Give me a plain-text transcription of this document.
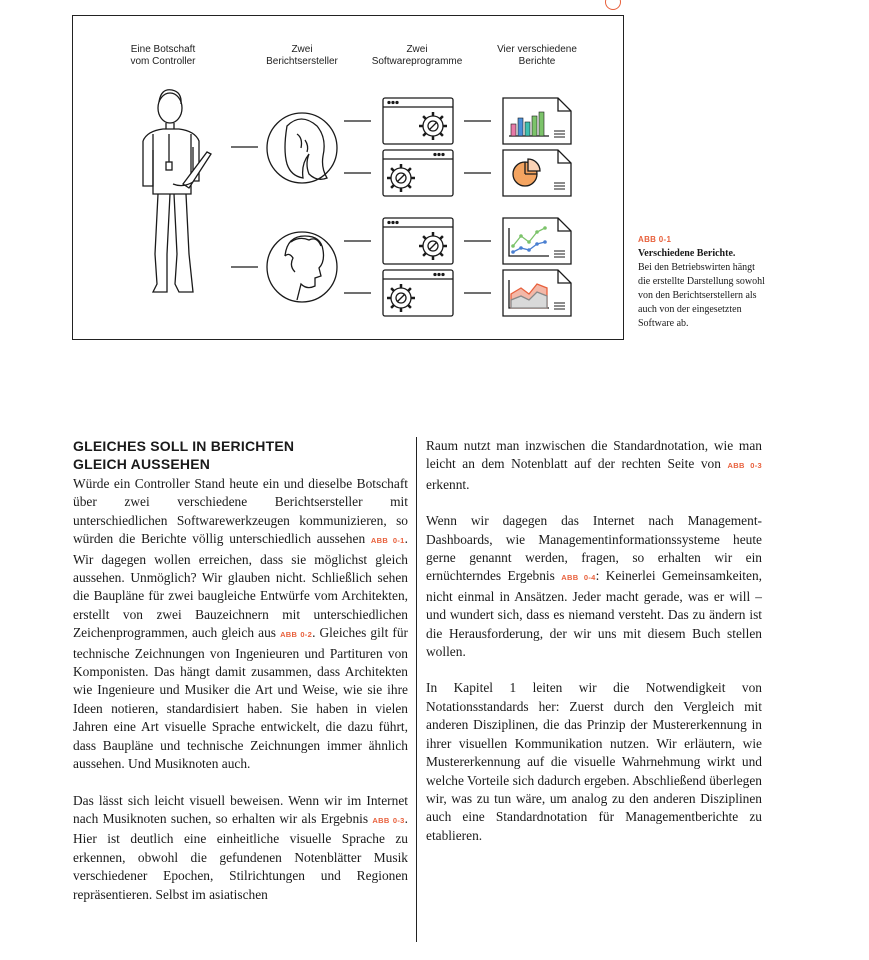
Eine Botschaft
vom Controller
Zwei
Berichtsersteller
Zwei
Softwareprogramme
Vier verschiedene
Berichte
ABB 0-1
Verschiedene Berichte.
Bei den Betriebswirten hängt die erstellte Darstellung sowohl von den Berichtserstellern als auch von der eingesetzten Software ab.
GLEICHES SOLL IN BERICHTEN
GLEICH AUSSEHEN

Würde ein Controller Stand heute ein und dieselbe Botschaft über zwei verschiedene Berichtsersteller mit unterschiedlichen Softwarewerkzeugen kommunizieren, so würden die Berichte völlig unterschiedlich aussehen ABB 0-1. Wir dagegen wollen erreichen, dass sie möglichst gleich aussehen. Unmöglich? Wir glauben nicht. Schließlich sehen die Baupläne für zwei baugleiche Entwürfe vom Architekten, erstellt von zwei Bauzeichnern mit unterschiedlichen Zeichenprogrammen, auch gleich aus ABB 0-2. Gleiches gilt für technische Zeichnungen von Ingenieuren und Partituren von Komponisten. Das hängt damit zusammen, dass Architekten wie Ingenieure und Musiker die Art und Weise, wie sie ihre Ideen notieren, standardisiert haben. Sie haben in vielen Jahren eine Art visuelle Sprache entwickelt, die dazu führt, dass Baupläne und technische Zeichnungen immer ähnlich aussehen. Und Musiknoten auch.

Das lässt sich leicht visuell beweisen. Wenn wir im Internet nach Musiknoten suchen, so erhalten wir als Ergebnis ABB 0-3. Hier ist deutlich eine einheitliche visuelle Sprache zu erkennen, obwohl die gefundenen Notenblätter Musik verschiedener Epochen, Stilrichtungen und Regionen repräsentieren. Selbst im asiatischen

Raum nutzt man inzwischen die Standardnotation, wie man leicht an dem Notenblatt auf der rechten Seite von ABB 0-3 erkennt.

Wenn wir dagegen das Internet nach Management-Dashboards, wie Managementinformationssysteme heute gerne genannt werden, fragen, so erhalten wir ein ernüchterndes Ergebnis ABB 0-4: Keinerlei Gemeinsamkeiten, nicht einmal in Ansätzen. Jeder macht gerade, was er will – und wundert sich, dass es niemand versteht. Das zu ändern ist die Herausforderung, der wir uns mit diesem Buch stellen wollen.

In Kapitel 1 leiten wir die Notwendigkeit von Notationsstandards her: Zuerst durch den Vergleich mit anderen Disziplinen, die das Prinzip der Mustererkennung in ihrer visuellen Kommunikation nutzen. Wir erläutern, wie Mustererkennung auf die visuelle Wahrnehmung wirkt und welche Vorteile sich dadurch ergeben. Abschließend überlegen wir, was zu tun wäre, um analog zu den anderen Disziplinen auch eine Standardnotation für Managementberichte zu etablieren.
